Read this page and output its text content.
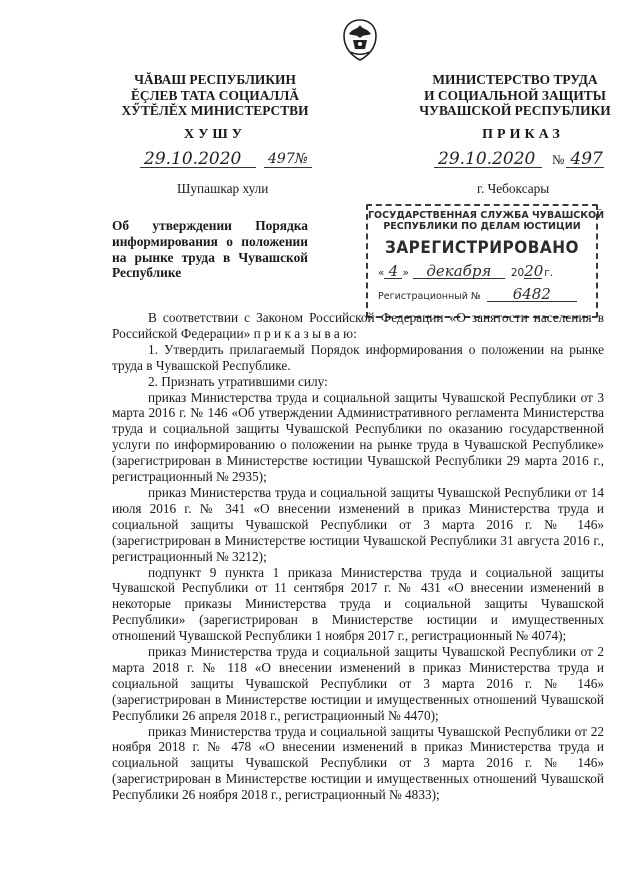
ЧĂВАШ РЕСПУБЛИКИН
ĔÇЛЕВ ТАТА СОЦИАЛЛĂ
ХӲТĔЛĔХ МИНИСТЕРСТВИ
МИНИСТЕРСТВО ТРУДА
И СОЦИАЛЬНОЙ ЗАЩИТЫ
ЧУВАШСКОЙ РЕСПУБЛИКИ
ХУШУ	ПРИКАЗ
29.10.2020	497№	29.10.2020	№ 497
Шупашкар хули	г. Чебоксары
Об утверждении Порядка
информирования о положении
на рынке труда в Чувашской
Республике
ГОСУДАРСТВЕННАЯ СЛУЖБА ЧУВАШСКОЙ
РЕСПУБЛИКИ ПО ДЕЛАМ ЮСТИЦИИ
ЗАРЕГИСТРИРОВАНО
« 4 »	декабря	20 20 г.
Регистрационный №	6482

В соответствии с Законом Российской Федерации «О занятости населения в Российской Федерации» п р и к а з ы в а ю:

1. Утвердить прилагаемый Порядок информирования о положении на рынке труда в Чувашской Республике.

2. Признать утратившими силу:

приказ Министерства труда и социальной защиты Чувашской Республики от 3 марта 2016 г. № 146 «Об утверждении Административного регламента Министерства труда и социальной защиты Чувашской Республики по оказанию государственной услуги по информированию о положении на рынке труда в Чувашской Республике» (зарегистрирован в Министерстве юстиции Чувашской Республики 29 марта 2016 г., регистрационный № 2935);

приказ Министерства труда и социальной защиты Чувашской Республики от 14 июля 2016 г. № 341 «О внесении изменений в приказ Министерства труда и социальной защиты Чувашской Республики от 3 марта 2016 г. № 146» (зарегистрирован в Министерстве юстиции Чувашской Республики 31 августа 2016 г., регистрационный № 3212);

подпункт 9 пункта 1 приказа Министерства труда и социальной защиты Чувашской Республики от 11 сентября 2017 г. № 431 «О внесении изменений в некоторые приказы Министерства труда и социальной защиты Чувашской Республики» (зарегистрирован в Министерстве юстиции и имущественных отношений Чувашской Республики 1 ноября 2017 г., регистрационный № 4074);

приказ Министерства труда и социальной защиты Чувашской Республики от 2 марта 2018 г. № 118 «О внесении изменений в приказ Министерства труда и социальной защиты Чувашской Республики от 3 марта 2016 г. № 146» (зарегистрирован в Министерстве юстиции и имущественных отношений Чувашской Республики 26 апреля 2018 г., регистрационный № 4470);

приказ Министерства труда и социальной защиты Чувашской Республики от 22 ноября 2018 г. № 478 «О внесении изменений в приказ Министерства труда и социальной защиты Чувашской Республики от 3 марта 2016 г. № 146» (зарегистрирован в Министерстве юстиции и имущественных отношений Чувашской Республики 26 ноября 2018 г., регистрационный № 4833);
